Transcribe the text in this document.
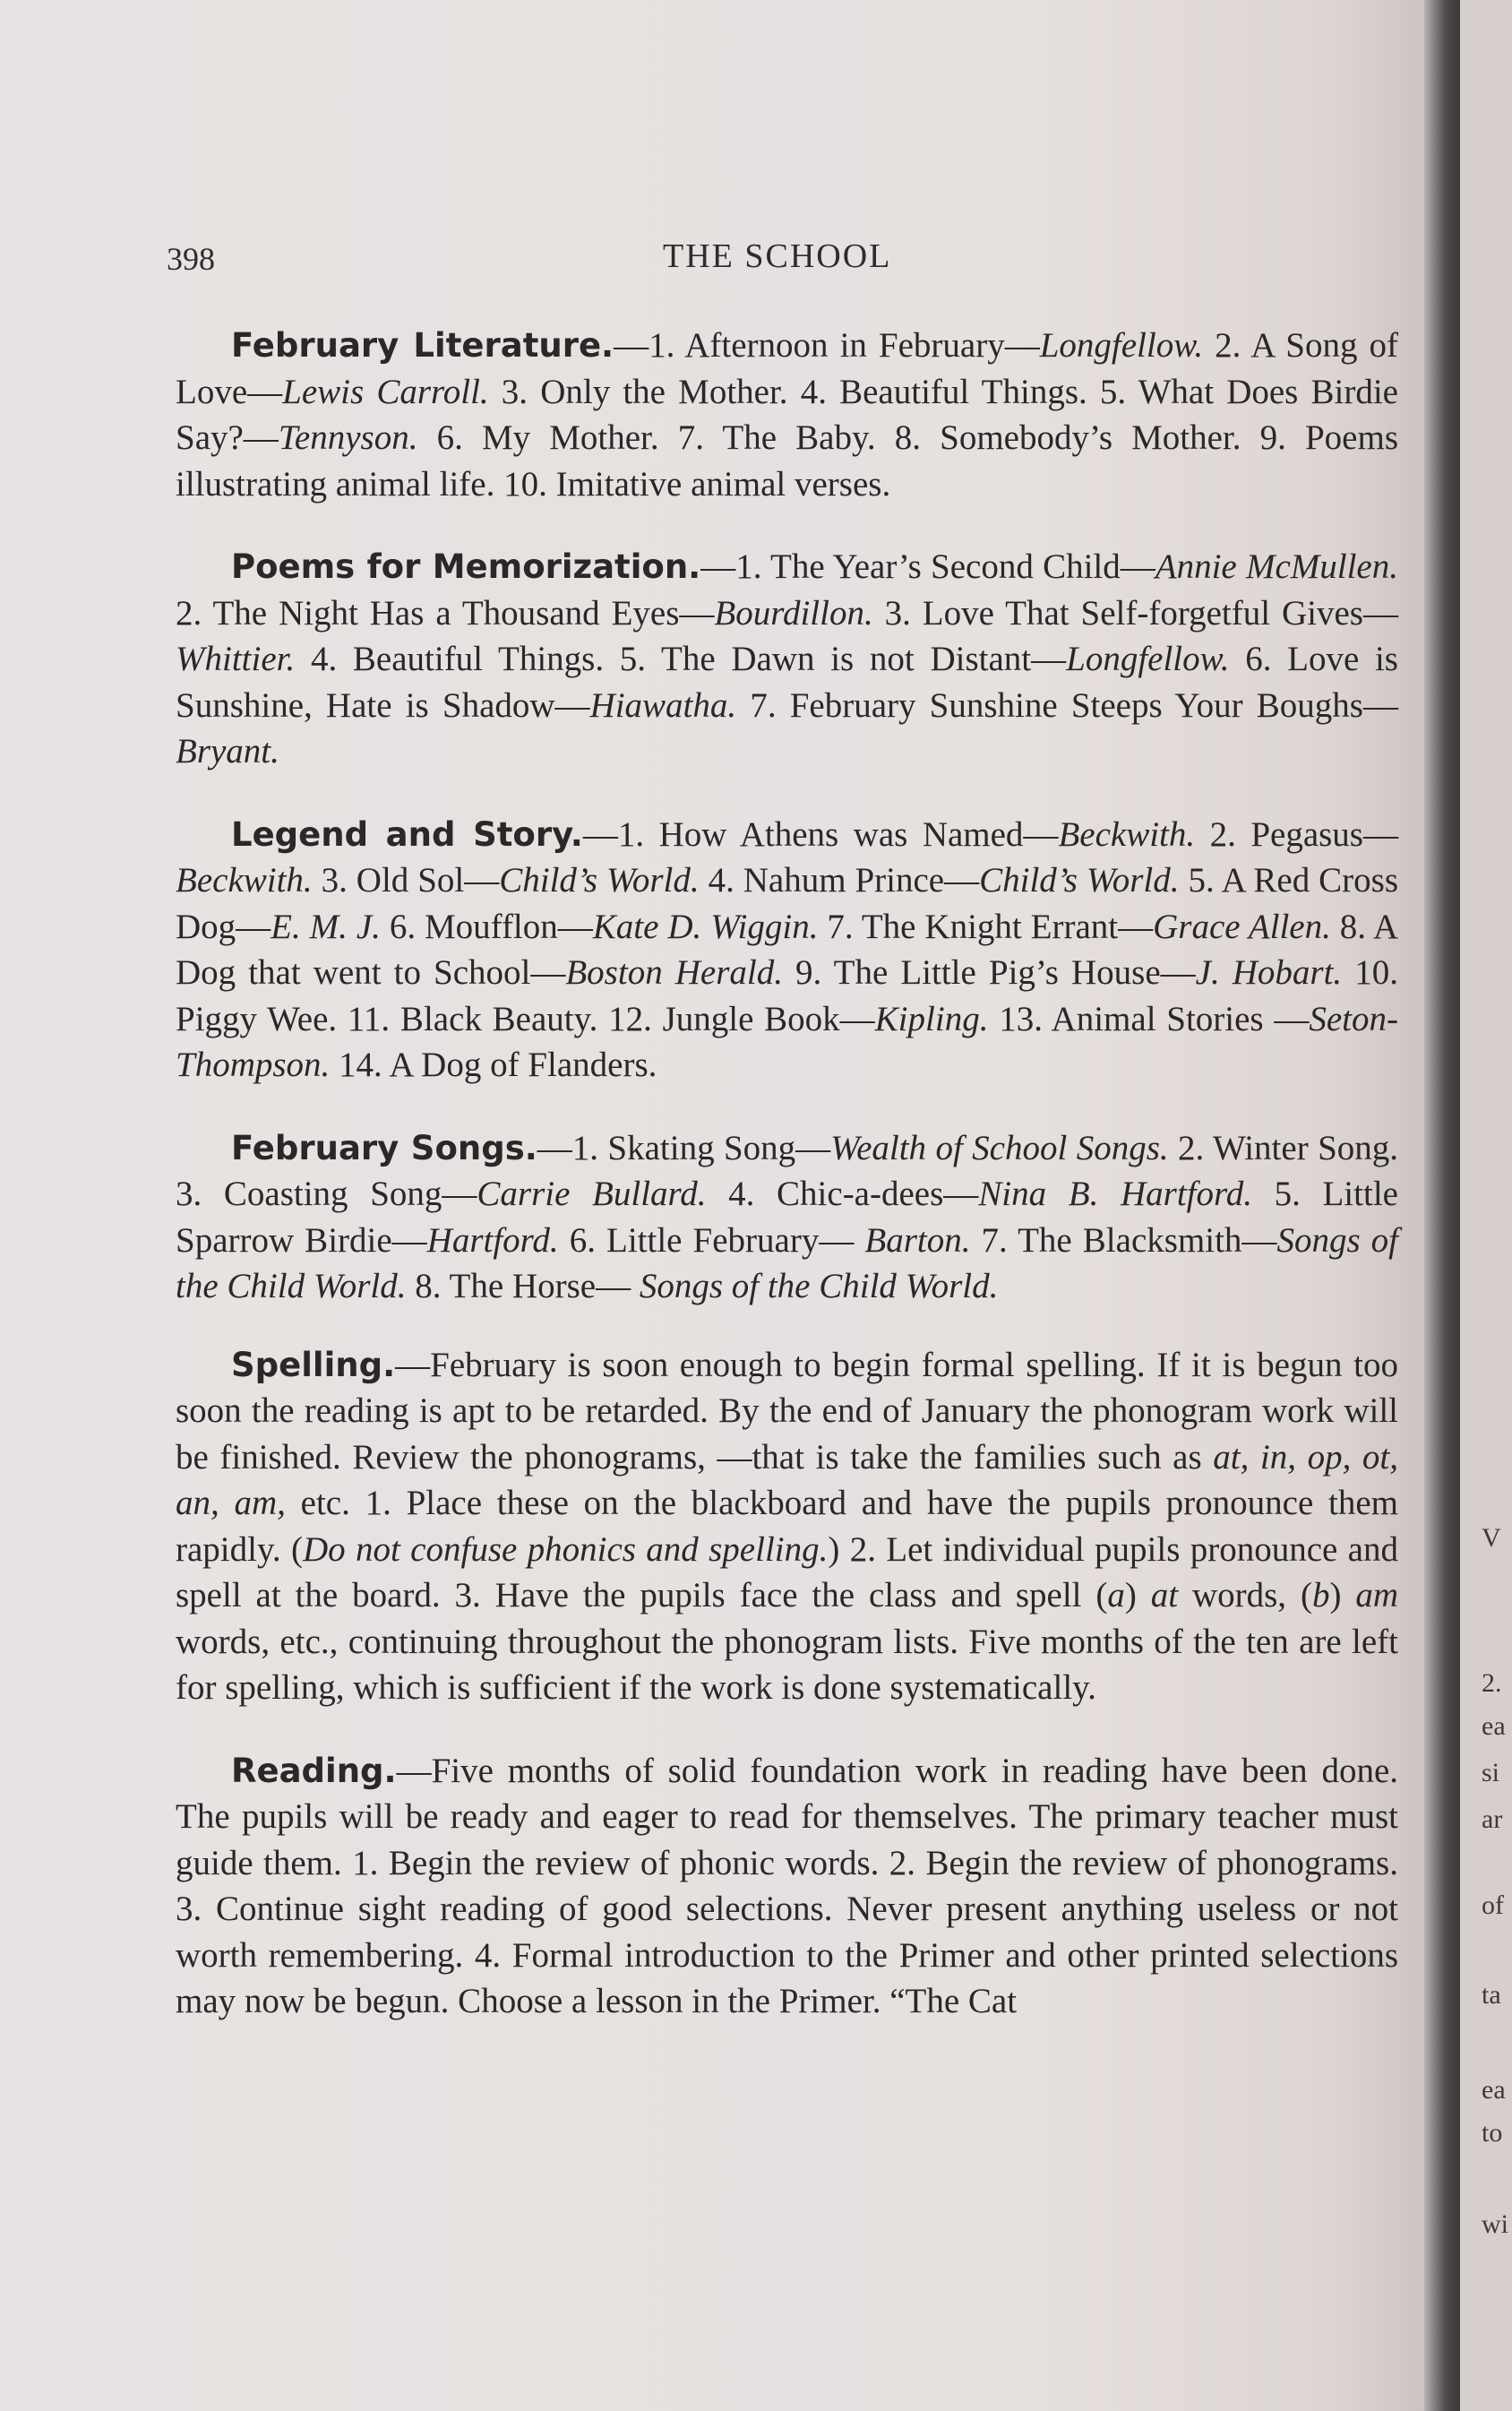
V
2.
ea
si
ar
of
ta
ea
to
wi
398	THE SCHOOL

February Literature.—1. Afternoon in February—Longfellow. 2. A Song of Love—Lewis Carroll. 3. Only the Mother. 4. Beautiful Things. 5. What Does Birdie Say?—Tennyson. 6. My Mother. 7. The Baby. 8. Somebody’s Mother. 9. Poems illustrating animal life. 10. Imitative animal verses.

Poems for Memorization.—1. The Year’s Second Child—Annie McMullen. 2. The Night Has a Thousand Eyes—Bourdillon. 3. Love That Self-forgetful Gives—Whittier. 4. Beautiful Things. 5. The Dawn is not Distant—Longfellow. 6. Love is Sunshine, Hate is Shadow—Hiawatha. 7. February Sunshine Steeps Your Boughs—Bryant.

Legend and Story.—1. How Athens was Named—Beckwith. 2. Pegasus—Beckwith. 3. Old Sol—Child’s World. 4. Nahum Prince—Child’s World. 5. A Red Cross Dog—E. M. J. 6. Moufflon—Kate D. Wiggin. 7. The Knight Errant—Grace Allen. 8. A Dog that went to School—Boston Herald. 9. The Little Pig’s House—J. Hobart. 10. Piggy Wee. 11. Black Beauty. 12. Jungle Book—Kipling. 13. Animal Stories —Seton-Thompson. 14. A Dog of Flanders.

February Songs.—1. Skating Song—Wealth of School Songs. 2. Winter Song. 3. Coasting Song—Carrie Bullard. 4. Chic-a-dees—Nina B. Hartford. 5. Little Sparrow Birdie—Hartford. 6. Little February— Barton. 7. The Blacksmith—Songs of the Child World. 8. The Horse— Songs of the Child World.

Spelling.—February is soon enough to begin formal spelling. If it is begun too soon the reading is apt to be retarded. By the end of January the phonogram work will be finished. Review the phonograms, —that is take the families such as at, in, op, ot, an, am, etc. 1. Place these on the blackboard and have the pupils pronounce them rapidly. (Do not confuse phonics and spelling.) 2. Let individual pupils pronounce and spell at the board. 3. Have the pupils face the class and spell (a) at words, (b) am words, etc., continuing throughout the phonogram lists. Five months of the ten are left for spelling, which is sufficient if the work is done systematically.

Reading.—Five months of solid foundation work in reading have been done. The pupils will be ready and eager to read for themselves. The primary teacher must guide them. 1. Begin the review of phonic words. 2. Begin the review of phonograms. 3. Continue sight reading of good selections. Never present anything useless or not worth remembering. 4. Formal introduction to the Primer and other printed selections may now be begun. Choose a lesson in the Primer. “The Cat
